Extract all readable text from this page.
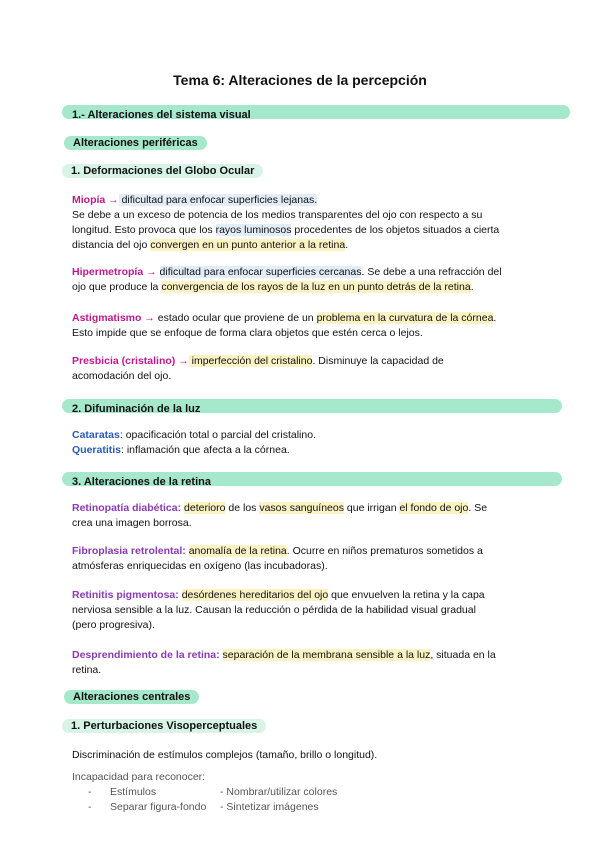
Tema 6: Alteraciones de la percepción
1.- Alteraciones del sistema visual
Alteraciones periféricas
1. Deformaciones del Globo Ocular
Miopía → dificultad para enfocar superficies lejanas.
Se debe a un exceso de potencia de los medios transparentes del ojo con respecto a su
longitud. Esto provoca que los rayos luminosos procedentes de los objetos situados a cierta
distancia del ojo convergen en un punto anterior a la retina.
Hipermetropía → dificultad para enfocar superficies cercanas. Se debe a una refracción del
ojo que produce la convergencia de los rayos de la luz en un punto detrás de la retina.
Astigmatismo → estado ocular que proviene de un problema en la curvatura de la córnea.
Esto impide que se enfoque de forma clara objetos que estén cerca o lejos.
Presbicia (cristalino) → imperfección del cristalino. Disminuye la capacidad de
acomodación del ojo.
2. Difuminación de la luz
Cataratas: opacificación total o parcial del cristalino.
Queratitis: inflamación que afecta a la córnea.
3. Alteraciones de la retina
Retinopatía diabética: deterioro de los vasos sanguíneos que irrigan el fondo de ojo. Se
crea una imagen borrosa.
Fibroplasia retrolental: anomalía de la retina. Ocurre en niños prematuros sometidos a
atmósferas enriquecidas en oxígeno (las incubadoras).
Retinitis pigmentosa: desórdenes hereditarios del ojo que envuelven la retina y la capa
nerviosa sensible a la luz. Causan la reducción o pérdida de la habilidad visual gradual
(pero progresiva).
Desprendimiento de la retina: separación de la membrana sensible a la luz, situada en la
retina.
Alteraciones centrales
1. Perturbaciones Visoperceptuales
Discriminación de estímulos complejos (tamaño, brillo o longitud).
Incapacidad para reconocer:
- Estímulos	- Nombrar/utilizar colores
- Separar figura-fondo - Sintetizar imágenes
